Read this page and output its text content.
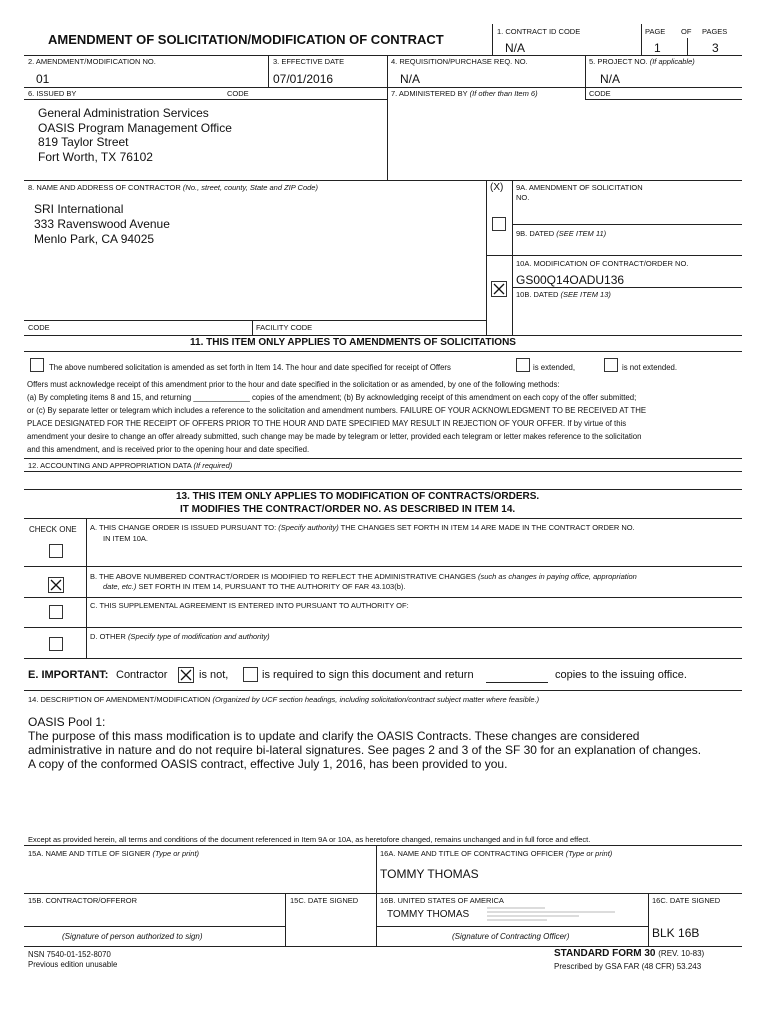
AMENDMENT OF SOLICITATION/MODIFICATION OF CONTRACT
1. CONTRACT ID CODE
N/A
PAGE OF PAGES
1	3
2. AMENDMENT/MODIFICATION NO.
01
3. EFFECTIVE DATE
07/01/2016
4. REQUISITION/PURCHASE REQ. NO.
N/A
5. PROJECT NO. (If applicable)
N/A
6. ISSUED BY	CODE	7. ADMINISTERED BY (If other than Item 6)	CODE
General Administration Services
OASIS Program Management Office
819 Taylor Street
Fort Worth, TX 76102
8. NAME AND ADDRESS OF CONTRACTOR (No., street, county, State and ZIP Code)
SRI International
333 Ravenswood Avenue
Menlo Park, CA 94025
(X) 9A. AMENDMENT OF SOLICITATION
NO.
9B. DATED (SEE ITEM 11)
10A. MODIFICATION OF CONTRACT/ORDER NO.
GS00Q14OADU136
10B. DATED (SEE ITEM 13)
CODE	FACILITY CODE
11. THIS ITEM ONLY APPLIES TO AMENDMENTS OF SOLICITATIONS
The above numbered solicitation is amended as set forth in Item 14. The hour and date specified for receipt of Offers	is extended,	is not extended.
Offers must acknowledge receipt of this amendment prior to the hour and date specified in the solicitation or as amended, by one of the following methods:
(a) By completing items 8 and 15, and returning _____________ copies of the amendment; (b) By acknowledging receipt of this amendment on each copy of the offer submitted;
or (c) By separate letter or telegram which includes a reference to the solicitation and amendment numbers. FAILURE OF YOUR ACKNOWLEDGMENT TO BE RECEIVED AT THE
PLACE DESIGNATED FOR THE RECEIPT OF OFFERS PRIOR TO THE HOUR AND DATE SPECIFIED MAY RESULT IN REJECTION OF YOUR OFFER. If by virtue of this
amendment your desire to change an offer already submitted, such change may be made by telegram or letter, provided each telegram or letter makes reference to the solicitation
and this amendment, and is received prior to the opening hour and date specified.
12. ACCOUNTING AND APPROPRIATION DATA (If required)
13. THIS ITEM ONLY APPLIES TO MODIFICATION OF CONTRACTS/ORDERS.
IT MODIFIES THE CONTRACT/ORDER NO. AS DESCRIBED IN ITEM 14.
CHECK ONE A. THIS CHANGE ORDER IS ISSUED PURSUANT TO: (Specify authority) THE CHANGES SET FORTH IN ITEM 14 ARE MADE IN THE CONTRACT ORDER NO.
IN ITEM 10A.
B. THE ABOVE NUMBERED CONTRACT/ORDER IS MODIFIED TO REFLECT THE ADMINISTRATIVE CHANGES (such as changes in paying office, appropriation
date, etc.) SET FORTH IN ITEM 14, PURSUANT TO THE AUTHORITY OF FAR 43.103(b).
C. THIS SUPPLEMENTAL AGREEMENT IS ENTERED INTO PURSUANT TO AUTHORITY OF:
D. OTHER (Specify type of modification and authority)
E. IMPORTANT: Contractor	is not,	is required to sign this document and return	copies to the issuing office.
14. DESCRIPTION OF AMENDMENT/MODIFICATION (Organized by UCF section headings, including solicitation/contract subject matter where feasible.)
OASIS Pool 1:
The purpose of this mass modification is to update and clarify the OASIS Contracts. These changes are considered
administrative in nature and do not require bi-lateral signatures. See pages 2 and 3 of the SF 30 for an explanation of changes.
A copy of the conformed OASIS contract, effective July 1, 2016, has been provided to you.
Except as provided herein, all terms and conditions of the document referenced in Item 9A or 10A, as heretofore changed, remains unchanged and in full force and effect.
15A. NAME AND TITLE OF SIGNER (Type or print)	16A. NAME AND TITLE OF CONTRACTING OFFICER (Type or print)
TOMMY THOMAS
15B. CONTRACTOR/OFFEROR	15C. DATE SIGNED	16B. UNITED STATES OF AMERICA	16C. DATE SIGNED
TOMMY THOMAS
BLK 16B
(Signature of person authorized to sign)	(Signature of Contracting Officer)
NSN 7540-01-152-8070
Previous edition unusable
STANDARD FORM 30 (REV. 10-83)
Prescribed by GSA FAR (48 CFR) 53.243
